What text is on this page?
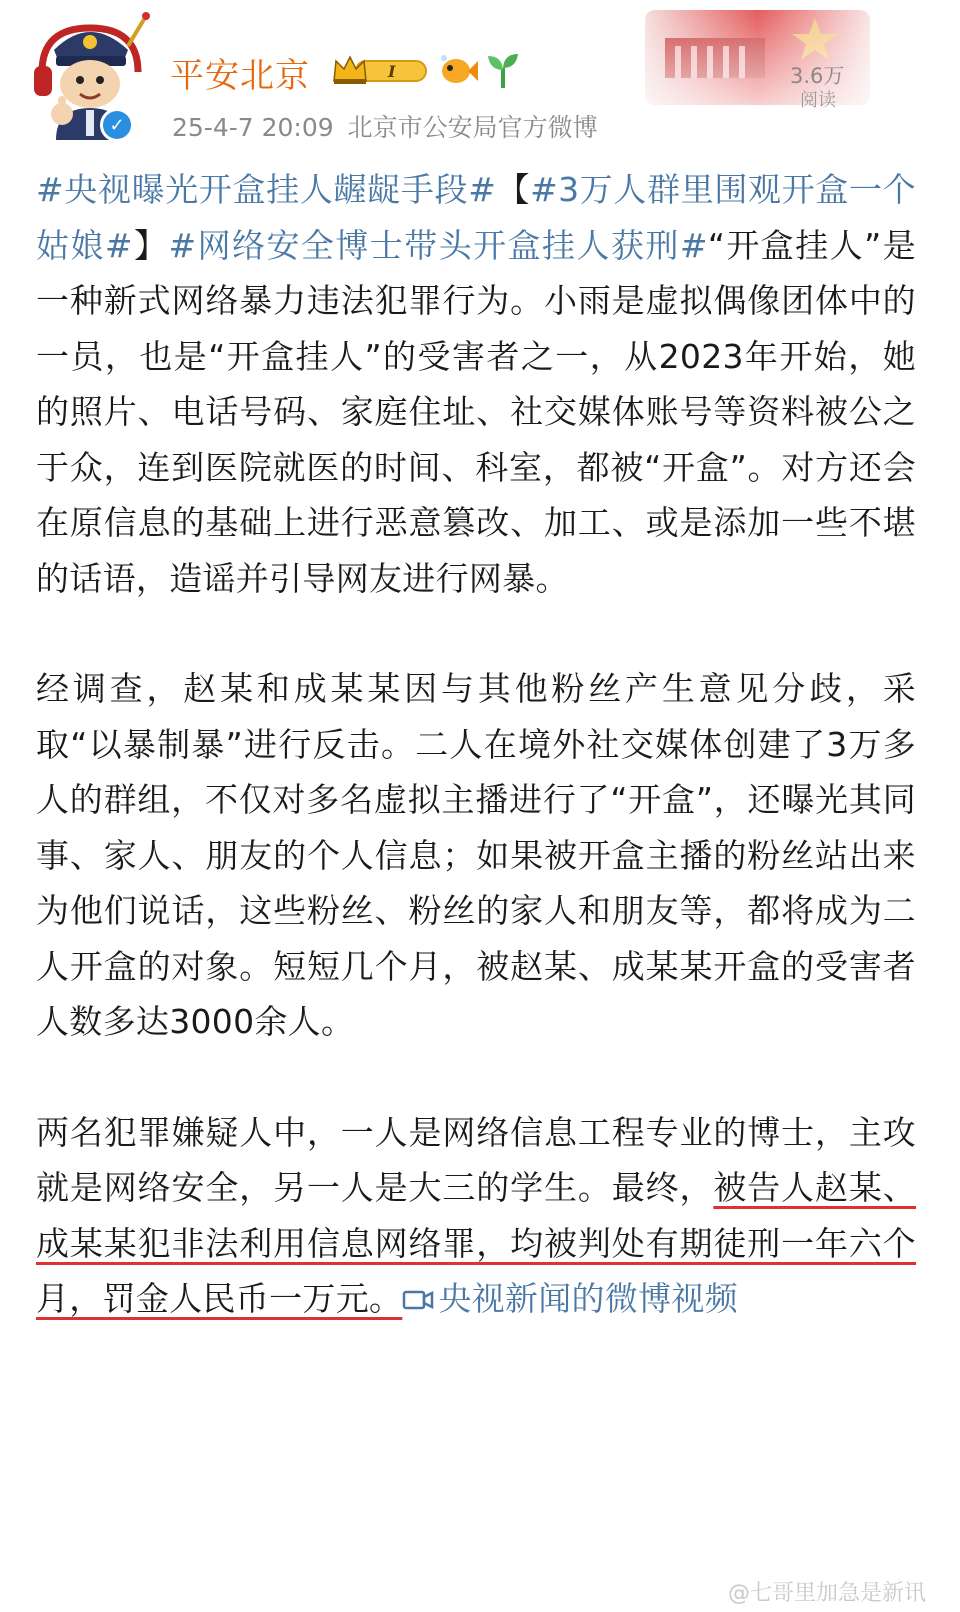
✓
平安北京	I
25-4-7 20:09 北京市公安局官方微博
3.6万
阅读

#央视曝光开盒挂人龌龊手段#【#3万人群里围观开盒一个姑娘#】#网络安全博士带头开盒挂人获刑#“开盒挂人”是一种新式网络暴力违法犯罪行为。小雨是虚拟偶像团体中的一员，也是“开盒挂人”的受害者之一，从2023年开始，她的照片、电话号码、家庭住址、社交媒体账号等资料被公之于众，连到医院就医的时间、科室，都被“开盒”。对方还会在原信息的基础上进行恶意篡改、加工、或是添加一些不堪的话语，造谣并引导网友进行网暴。

经调查，赵某和成某某因与其他粉丝产生意见分歧，采取“以暴制暴”进行反击。二人在境外社交媒体创建了3万多人的群组，不仅对多名虚拟主播进行了“开盒”，还曝光其同事、家人、朋友的个人信息；如果被开盒主播的粉丝站出来为他们说话，这些粉丝、粉丝的家人和朋友等，都将成为二人开盒的对象。短短几个月，被赵某、成某某开盒的受害者人数多达3000余人。

两名犯罪嫌疑人中，一人是网络信息工程专业的博士，主攻就是网络安全，另一人是大三的学生。最终，被告人赵某、成某某犯非法利用信息网络罪，均被判处有期徒刑一年六个月，罚金人民币一万元。 央视新闻的微博视频

@七哥里加急是新讯
